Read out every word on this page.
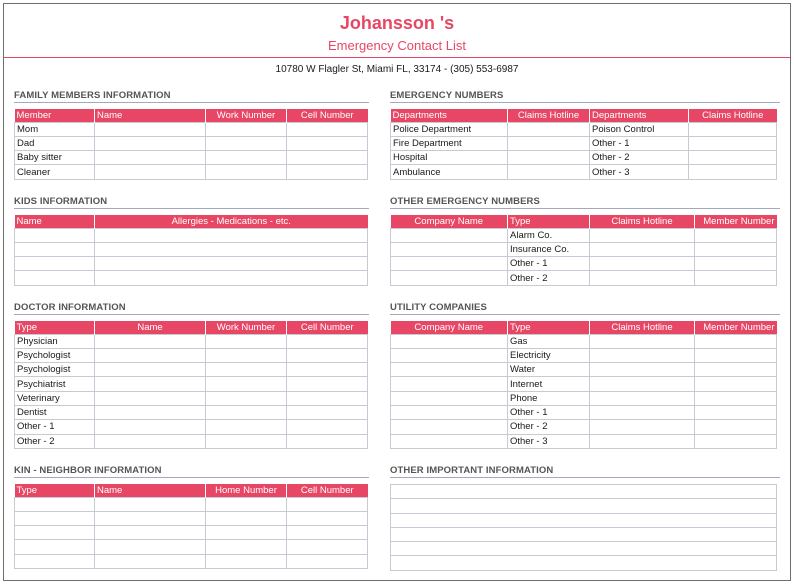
Johansson 's
Emergency Contact List
10780 W Flagler St, Miami FL, 33174 - (305) 553-6987
FAMILY MEMBERS INFORMATION
Member	Name	Work Number	Cell Number
Mom			
Dad			
Baby sitter			
Cleaner			
KIDS INFORMATION
Name	Allergies - Medications - etc.

DOCTOR INFORMATION
Type	Name	Work Number	Cell Number
Physician			
Psychologist			
Psychologist			
Psychiatrist			
Veterinary			
Dentist			
Other - 1			
Other - 2			
KIN - NEIGHBOR INFORMATION
Type	Name	Home Number	Cell Number

EMERGENCY NUMBERS
Departments	Claims Hotline	Departments	Claims Hotline
Police Department		Poison Control	
Fire Department		Other - 1	
Hospital		Other - 2	
Ambulance		Other - 3	
OTHER EMERGENCY NUMBERS
Company Name	Type	Claims Hotline	Member Number
	Alarm Co.		
	Insurance Co.		
	Other - 1		
	Other - 2		
UTILITY COMPANIES
Company Name	Type	Claims Hotline	Member Number
	Gas		
	Electricity		
	Water		
	Internet		
	Phone		
	Other - 1		
	Other - 2		
	Other - 3		
OTHER IMPORTANT INFORMATION
